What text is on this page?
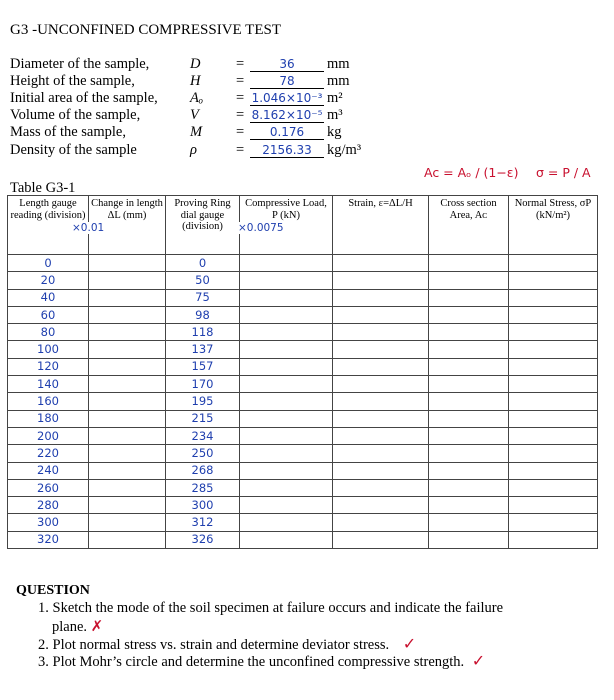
G3 -UNCONFINED COMPRESSIVE TEST
Diameter of the sample,	D =	36	mm
Height of the sample,	H =	78	mm
Initial area of the sample, Aₒ = 1.046×10⁻³ m²
Volume of the sample,	V	= 8.162×10⁻⁵ m³
Mass of the sample,	M =	0.176	kg
Density of the sample	ρ	=	2156.33	kg/m³
Ac = Aₒ / (1−ε) σ = P / A
Table G3-1
Length gauge reading (division)	Change in length ΔL (mm)	Proving Ring dial gauge (division)	Compressive Load, P (kN)	Strain, ε=ΔL/H	Cross section Area, Aᴄ	Normal Stress, σP (kN/m²)
0		0				
20		50				
40		75				
60		98				
80		118				
100		137				
120		157				
140		170				
160		195				
180		215				
200		234				
220		250				
240		268				
260		285				
280		300				
300		312				
320		326				
×0.01	×0.0075
QUESTION
1. Sketch the mode of the soil specimen at failure occurs and indicate the failure
plane. ✗
2. Plot normal stress vs. strain and determine deviator stress. ✓
3. Plot Mohr’s circle and determine the unconfined compressive strength. ✓
